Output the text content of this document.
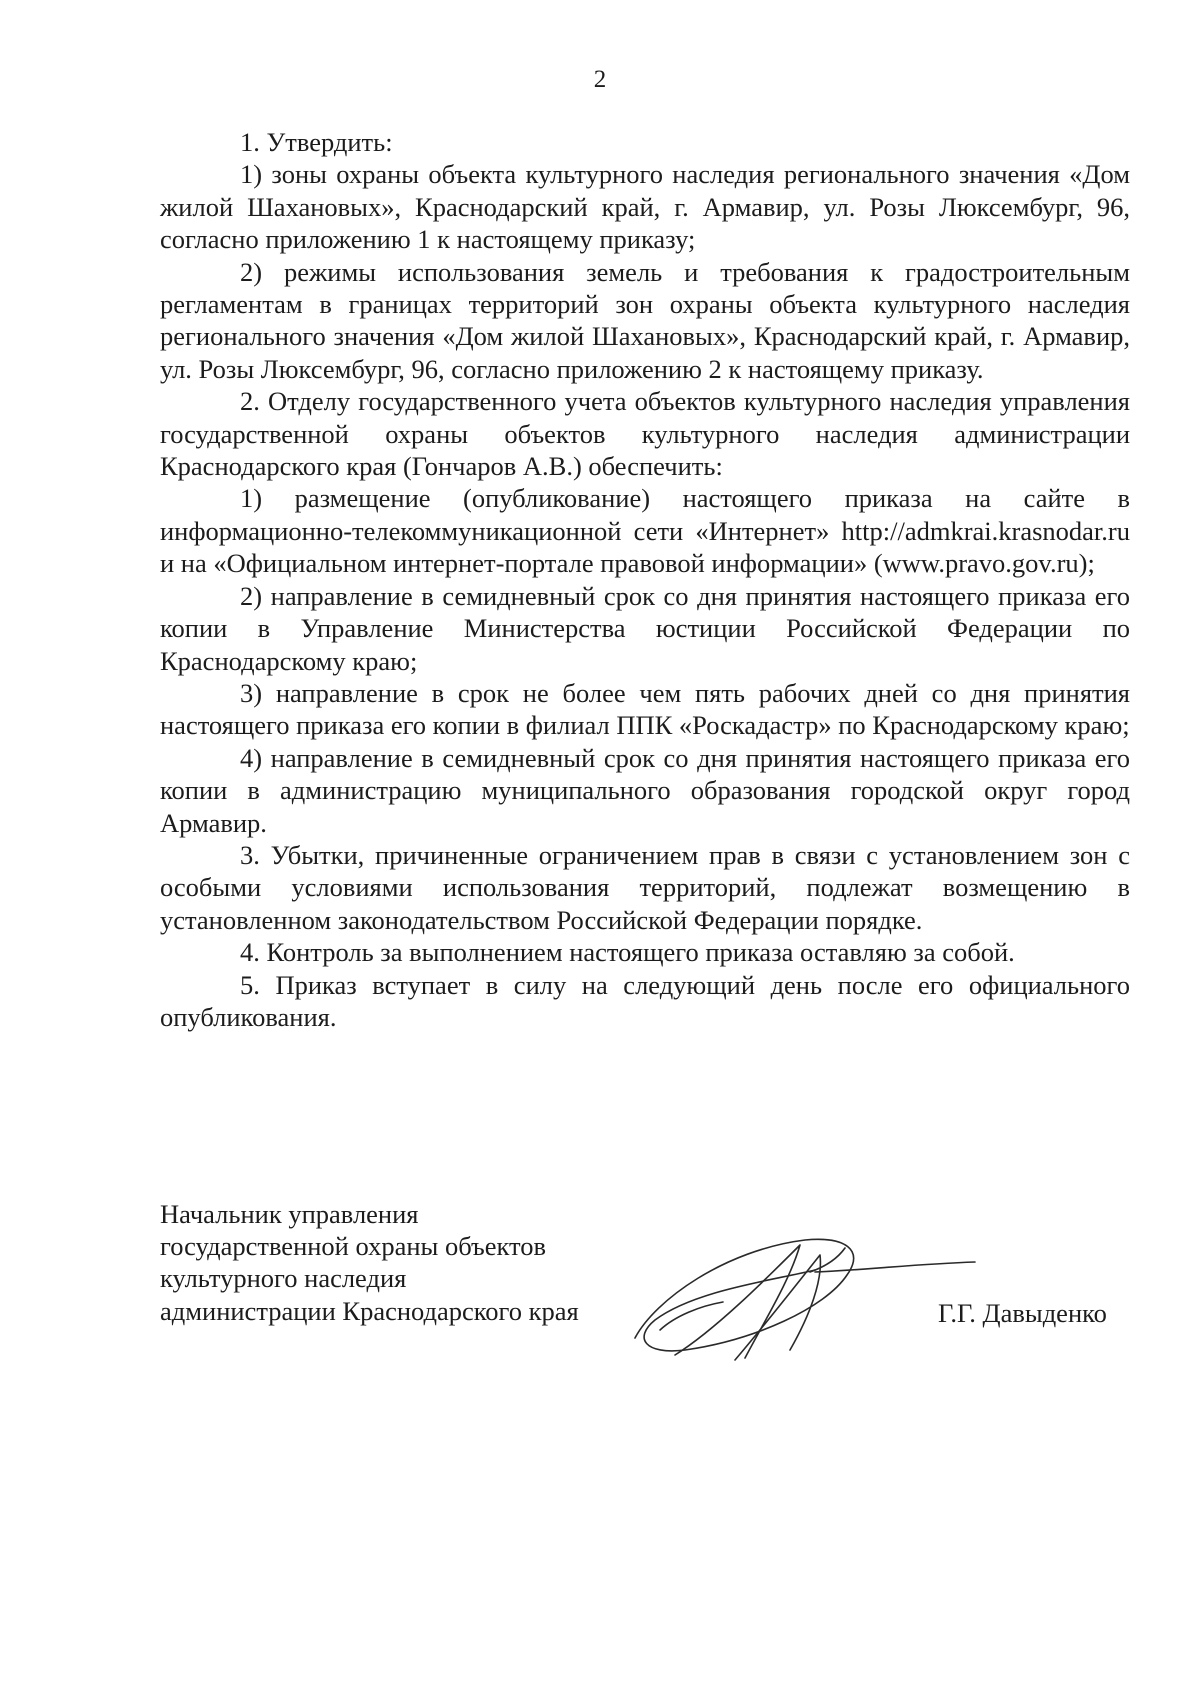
2

1. Утвердить:

1) зоны охраны объекта культурного наследия регионального значения «Дом жилой Шахановых», Краснодарский край, г. Армавир, ул. Розы Люксембург, 96, согласно приложению 1 к настоящему приказу;

2) режимы использования земель и требования к градостроительным регламентам в границах территорий зон охраны объекта культурного наследия регионального значения «Дом жилой Шахановых», Краснодарский край, г. Армавир, ул. Розы Люксембург, 96, согласно приложению 2 к настоящему приказу.

2. Отделу государственного учета объектов культурного наследия управления государственной охраны объектов культурного наследия администрации Краснодарского края (Гончаров А.В.) обеспечить:

1) размещение (опубликование) настоящего приказа на сайте в информационно-телекоммуникационной сети «Интернет» http://admkrai.krasnodar.ru и на «Официальном интернет-портале правовой информации» (www.pravo.gov.ru);

2) направление в семидневный срок со дня принятия настоящего приказа его копии в Управление Министерства юстиции Российской Федерации по Краснодарскому краю;

3) направление в срок не более чем пять рабочих дней со дня принятия настоящего приказа его копии в филиал ППК «Роскадастр» по Краснодарскому краю;

4) направление в семидневный срок со дня принятия настоящего приказа его копии в администрацию муниципального образования городской округ город Армавир.

3. Убытки, причиненные ограничением прав в связи с установлением зон с особыми условиями использования территорий, подлежат возмещению в установленном законодательством Российской Федерации порядке.

4. Контроль за выполнением настоящего приказа оставляю за собой.

5. Приказ вступает в силу на следующий день после его официального опубликования.

Начальник управления
государственной охраны объектов
культурного наследия
администрации Краснодарского края	Г.Г. Давыденко
